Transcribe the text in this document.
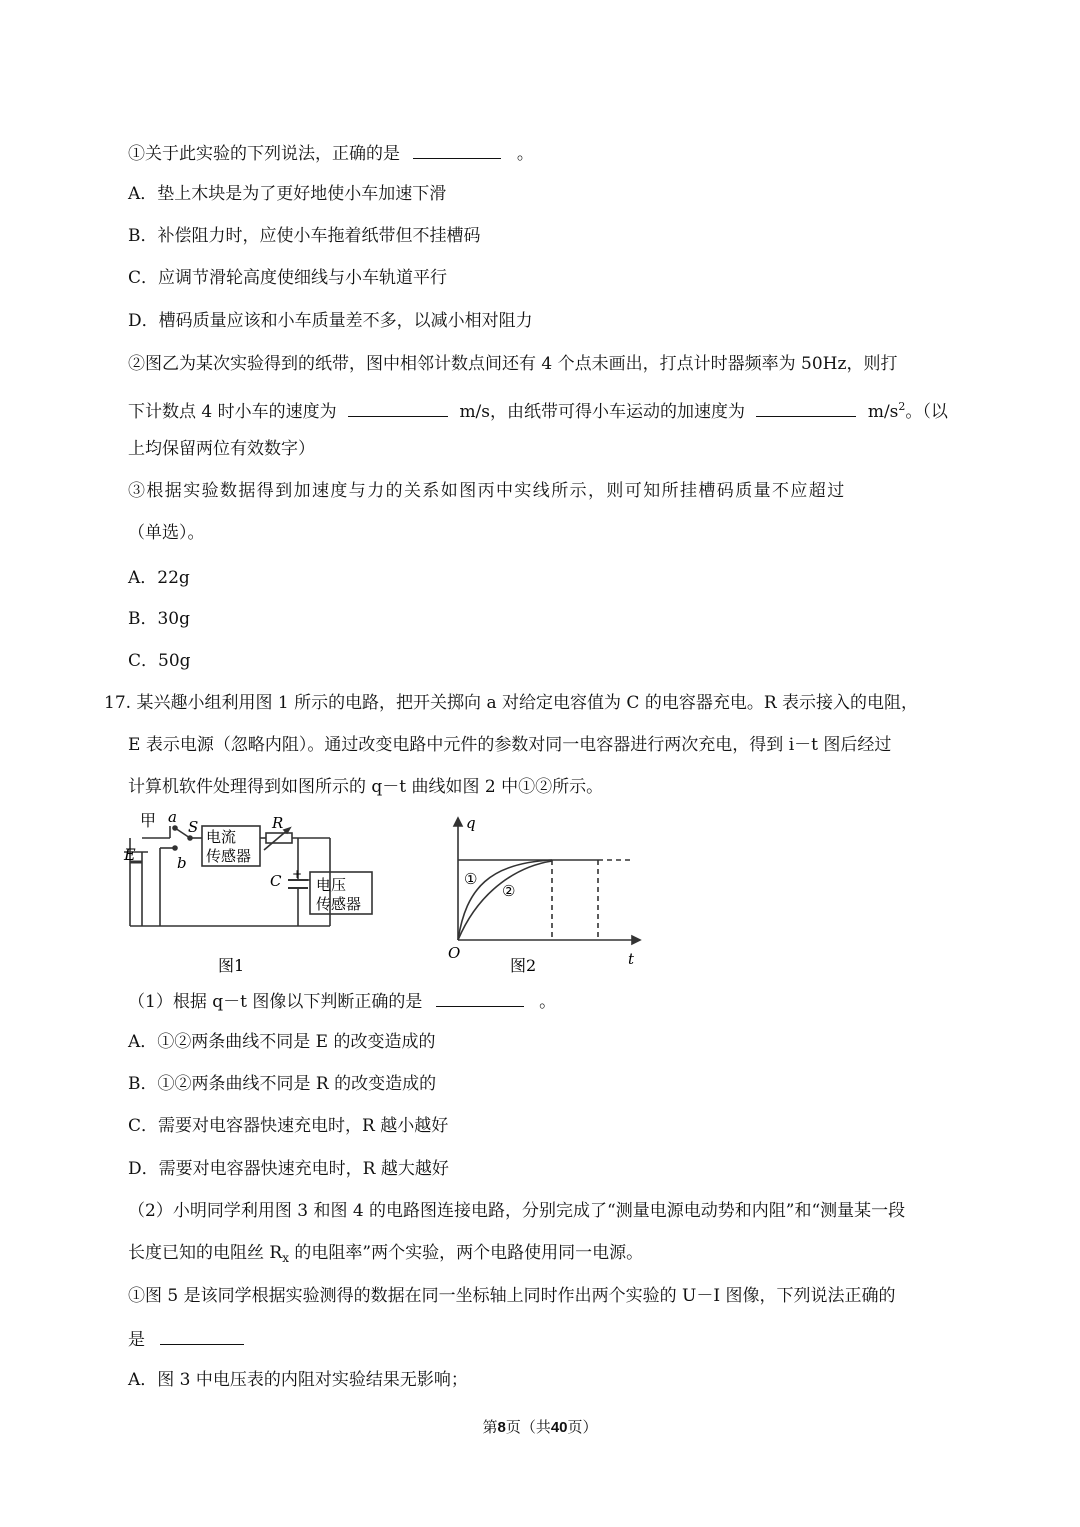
①关于此实验的下列说法，正确的是	。
A．垫上木块是为了更好地使小车加速下滑
B．补偿阻力时，应使小车拖着纸带但不挂槽码
C．应调节滑轮高度使细线与小车轨道平行
D．槽码质量应该和小车质量差不多，以减小相对阻力
②图乙为某次实验得到的纸带，图中相邻计数点间还有 4 个点未画出，打点计时器频率为 50Hz，则打
下计数点 4 时小车的速度为	m/s，由纸带可得小车运动的加速度为	$m/s^2$。（以
上均保留两位有效数字）
③根据实验数据得到加速度与力的关系如图丙中实线所示，则可知所挂槽码质量不应超过
（单选）。
A．22g
B．30g
C．50g
17. 某兴趣小组利用图 1 所示的电路，把开关掷向 a 对给定电容值为 C 的电容器充电。R 表示接入的电阻，
E 表示电源（忽略内阻）。通过改变电路中元件的参数对同一电容器进行两次充电，得到 i－t 图后经过
计算机软件处理得到如图所示的 q－t 曲线如图 2 中①②所示。
甲 a
S
b
E
R
C +
电流
传感器
电压
传感器
图1
q
t
O
①
②
图2
（1）根据 q－t 图像以下判断正确的是	。
A．①②两条曲线不同是 E 的改变造成的
B．①②两条曲线不同是 R 的改变造成的
C．需要对电容器快速充电时，R 越小越好
D．需要对电容器快速充电时，R 越大越好
（2）小明同学利用图 3 和图 4 的电路图连接电路，分别完成了“测量电源电动势和内阻”和“测量某一段
长度已知的电阻丝 $R_x$ 的电阻率”两个实验，两个电路使用同一电源。
①图 5 是该同学根据实验测得的数据在同一坐标轴上同时作出两个实验的 U－I 图像，下列说法正确的
是
A．图 3 中电压表的内阻对实验结果无影响；
第8页（共40页）
